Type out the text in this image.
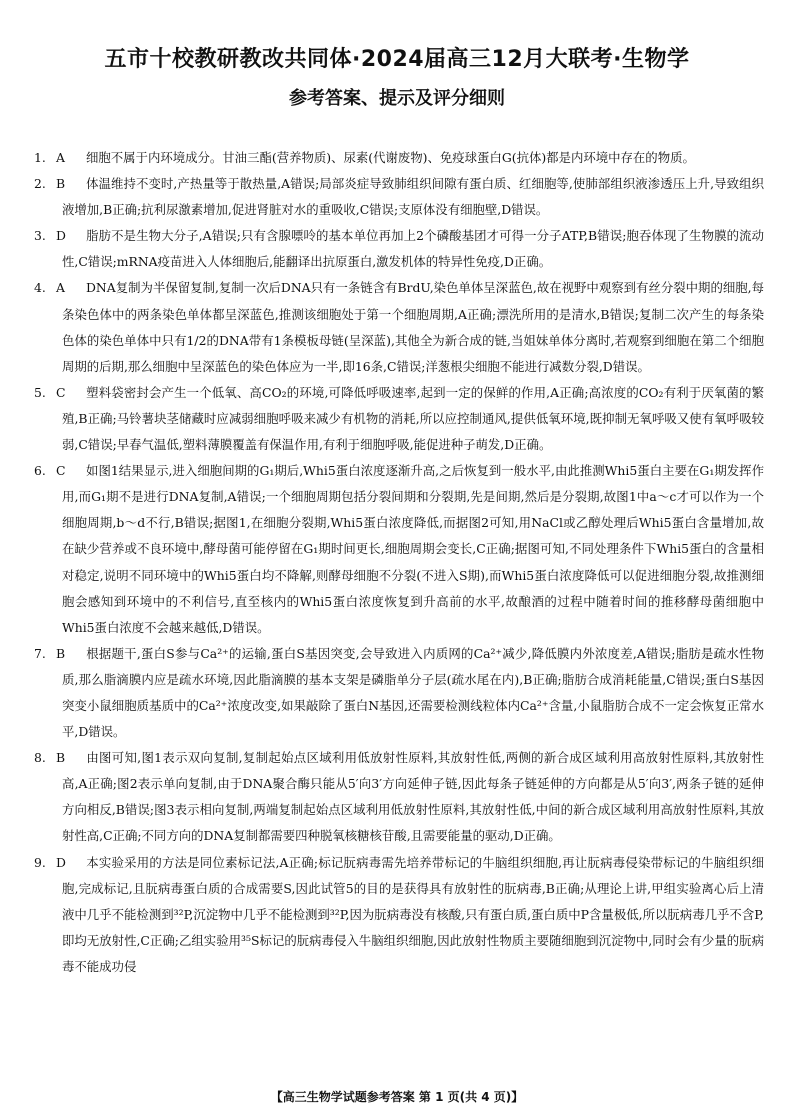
五市十校教研教改共同体·2024届高三12月大联考·生物学
参考答案、提示及评分细则

1. A 细胞不属于内环境成分。甘油三酯(营养物质)、尿素(代谢废物)、免疫球蛋白G(抗体)都是内环境中存在的物质。

2. B 体温维持不变时,产热量等于散热量,A错误;局部炎症导致肺组织间隙有蛋白质、红细胞等,使肺部组织液渗透压上升,导致组织液增加,B正确;抗利尿激素增加,促进肾脏对水的重吸收,C错误;支原体没有细胞壁,D错误。

3. D 脂肪不是生物大分子,A错误;只有含腺嘌呤的基本单位再加上2个磷酸基团才可得一分子ATP,B错误;胞吞体现了生物膜的流动性,C错误;mRNA疫苗进入人体细胞后,能翻译出抗原蛋白,激发机体的特异性免疫,D正确。

4. A DNA复制为半保留复制,复制一次后DNA只有一条链含有BrdU,染色单体呈深蓝色,故在视野中观察到有丝分裂中期的细胞,每条染色体中的两条染色单体都呈深蓝色,推测该细胞处于第一个细胞周期,A正确;漂洗所用的是清水,B错误;复制二次产生的每条染色体的染色单体中只有1/2的DNA带有1条模板母链(呈深蓝),其他全为新合成的链,当姐妹单体分离时,若观察到细胞在第二个细胞周期的后期,那么细胞中呈深蓝色的染色体应为一半,即16条,C错误;洋葱根尖细胞不能进行减数分裂,D错误。

5. C 塑料袋密封会产生一个低氧、高CO₂的环境,可降低呼吸速率,起到一定的保鲜的作用,A正确;高浓度的CO₂有利于厌氧菌的繁殖,B正确;马铃薯块茎储藏时应减弱细胞呼吸来减少有机物的消耗,所以应控制通风,提供低氧环境,既抑制无氧呼吸又使有氧呼吸较弱,C错误;早春气温低,塑料薄膜覆盖有保温作用,有利于细胞呼吸,能促进种子萌发,D正确。

6. C 如图1结果显示,进入细胞间期的G₁期后,Whi5蛋白浓度逐渐升高,之后恢复到一般水平,由此推测Whi5蛋白主要在G₁期发挥作用,而G₁期不是进行DNA复制,A错误;一个细胞周期包括分裂间期和分裂期,先是间期,然后是分裂期,故图1中a～c才可以作为一个细胞周期,b～d不行,B错误;据图1,在细胞分裂期,Whi5蛋白浓度降低,而据图2可知,用NaCl或乙醇处理后Whi5蛋白含量增加,故在缺少营养或不良环境中,酵母菌可能停留在G₁期时间更长,细胞周期会变长,C正确;据图可知,不同处理条件下Whi5蛋白的含量相对稳定,说明不同环境中的Whi5蛋白均不降解,则酵母细胞不分裂(不进入S期),而Whi5蛋白浓度降低可以促进细胞分裂,故推测细胞会感知到环境中的不利信号,直至核内的Whi5蛋白浓度恢复到升高前的水平,故酿酒的过程中随着时间的推移酵母菌细胞中Whi5蛋白浓度不会越来越低,D错误。

7. B 根据题干,蛋白S参与Ca²⁺的运输,蛋白S基因突变,会导致进入内质网的Ca²⁺减少,降低膜内外浓度差,A错误;脂肪是疏水性物质,那么脂滴膜内应是疏水环境,因此脂滴膜的基本支架是磷脂单分子层(疏水尾在内),B正确;脂肪合成消耗能量,C错误;蛋白S基因突变小鼠细胞质基质中的Ca²⁺浓度改变,如果敲除了蛋白N基因,还需要检测线粒体内Ca²⁺含量,小鼠脂肪合成不一定会恢复正常水平,D错误。

8. B 由图可知,图1表示双向复制,复制起始点区域利用低放射性原料,其放射性低,两侧的新合成区域利用高放射性原料,其放射性高,A正确;图2表示单向复制,由于DNA聚合酶只能从5′向3′方向延伸子链,因此每条子链延伸的方向都是从5′向3′,两条子链的延伸方向相反,B错误;图3表示相向复制,两端复制起始点区域利用低放射性原料,其放射性低,中间的新合成区域利用高放射性原料,其放射性高,C正确;不同方向的DNA复制都需要四种脱氧核糖核苷酸,且需要能量的驱动,D正确。

9. D 本实验采用的方法是同位素标记法,A正确;标记朊病毒需先培养带标记的牛脑组织细胞,再让朊病毒侵染带标记的牛脑组织细胞,完成标记,且朊病毒蛋白质的合成需要S,因此试管5的目的是获得具有放射性的朊病毒,B正确;从理论上讲,甲组实验离心后上清液中几乎不能检测到³²P,沉淀物中几乎不能检测到³²P,因为朊病毒没有核酸,只有蛋白质,蛋白质中P含量极低,所以朊病毒几乎不含P,即均无放射性,C正确;乙组实验用³⁵S标记的朊病毒侵入牛脑组织细胞,因此放射性物质主要随细胞到沉淀物中,同时会有少量的朊病毒不能成功侵

【高三生物学试题参考答案 第 1 页(共 4 页)】
